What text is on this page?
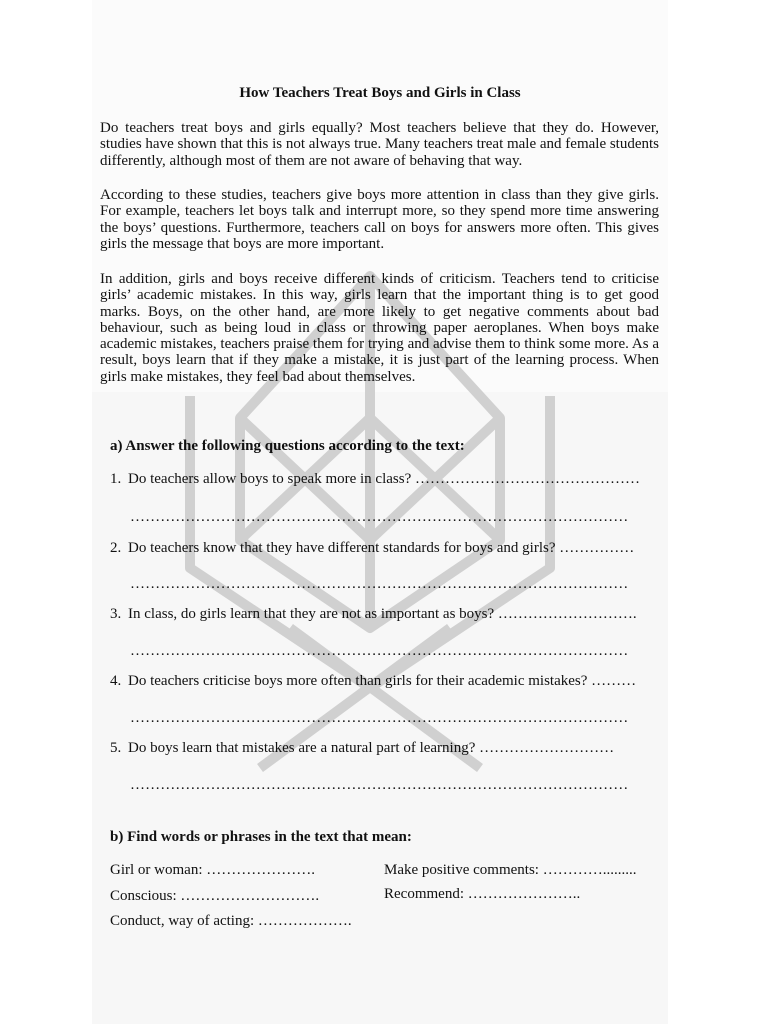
How Teachers Treat Boys and Girls in Class

Do teachers treat boys and girls equally? Most teachers believe that they do. However, studies have shown that this is not always true. Many teachers treat male and female students differently, although most of them are not aware of behaving that way.

According to these studies, teachers give boys more attention in class than they give girls. For example, teachers let boys talk and interrupt more, so they spend more time answering the boys’ questions. Furthermore, teachers call on boys for answers more often. This gives girls the message that boys are more important.

In addition, girls and boys receive different kinds of criticism. Teachers tend to criticise girls’ academic mistakes. In this way, girls learn that the important thing is to get good marks. Boys, on the other hand, are more likely to get negative comments about bad behaviour, such as being loud in class or throwing paper aeroplanes. When boys make academic mistakes, teachers praise them for trying and advise them to think some more. As a result, boys learn that if they make a mistake, it is just part of the learning process. When girls make mistakes, they feel bad about themselves.

a) Answer the following questions according to the text:
1. Do teachers allow boys to speak more in class? ………………………………………
………………………………………………………………………………………
2. Do teachers know that they have different standards for boys and girls? ……………
………………………………………………………………………………………
3. In class, do girls learn that they are not as important as boys? ……………………….
………………………………………………………………………………………
4. Do teachers criticise boys more often than girls for their academic mistakes? ………
………………………………………………………………………………………
5. Do boys learn that mistakes are a natural part of learning? ………………………
………………………………………………………………………………………
b) Find words or phrases in the text that mean:
Girl or woman: ………………….	Make positive comments: ………….........
Conscious: ……………………….	Recommend: …………………..
Conduct, way of acting: ……………….
